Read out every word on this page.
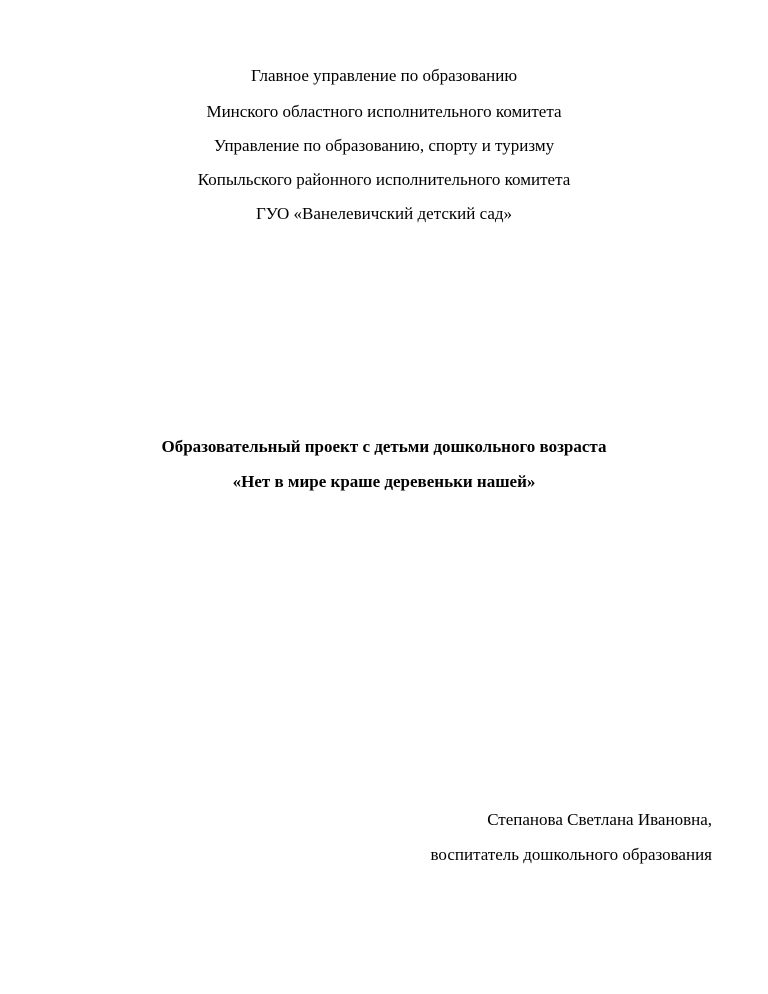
Главное управление по образованию
Минского областного исполнительного комитета
Управление по образованию, спорту и туризму
Копыльского районного исполнительного комитета
ГУО «Ванелевичский детский сад»
Образовательный проект с детьми дошкольного возраста
«Нет в мире краше деревеньки нашей»
Степанова Светлана Ивановна,
воспитатель дошкольного образования
